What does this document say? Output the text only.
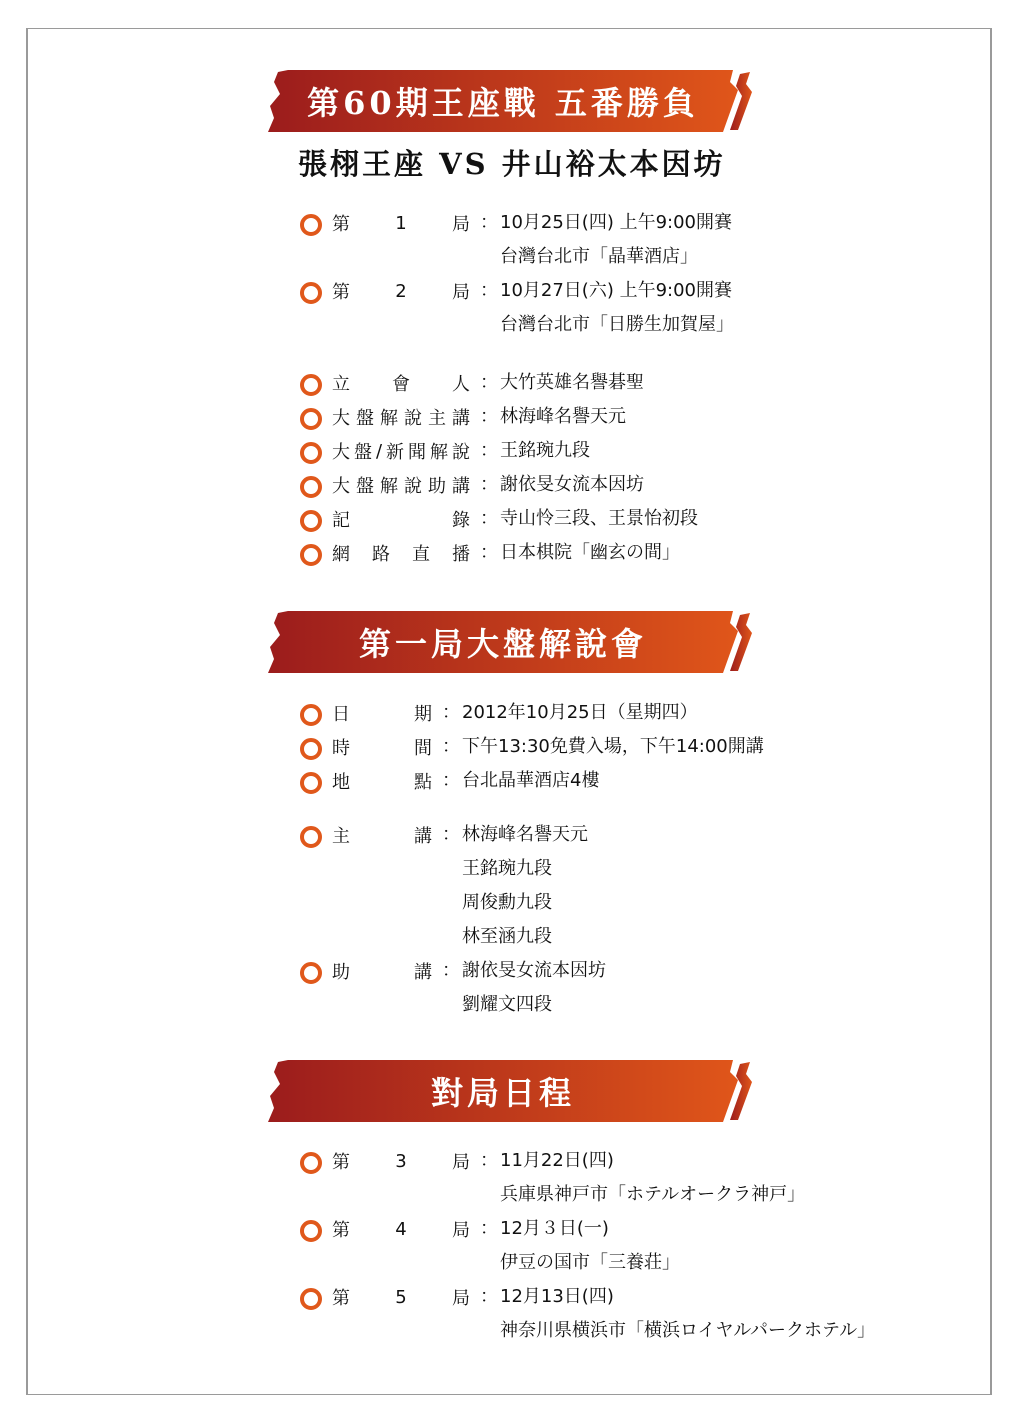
第60期王座戰 五番勝負
第一局大盤解說會
對局日程
張栩王座 VS 井山裕太本因坊
第	1	局 ： 10月25日(四) 上午9:00開賽
台灣台北市「晶華酒店」
第	2	局 ： 10月27日(六) 上午9:00開賽
台灣台北市「日勝生加賀屋」
立 會 人 ： 大竹英雄名譽碁聖
大 盤 解 說 主 講 ： 林海峰名譽天元
大 盤 / 新 聞 解 說 ： 王銘琬九段
大 盤 解 說 助 講 ： 謝依旻女流本因坊
記	錄 ： 寺山怜三段、王景怡初段
網 路 直 播 ： 日本棋院「幽玄の間」
日	期 ： 2012年10月25日（星期四）
時	間 ： 下午13:30免費入場，下午14:00開講
地	點 ： 台北晶華酒店4樓
主	講 ： 林海峰名譽天元
王銘琬九段
周俊勳九段
林至涵九段
助	講 ： 謝依旻女流本因坊
劉耀文四段
第	3	局 ： 11月22日(四)
兵庫県神戸市「ホテルオークラ神戸」
第	4	局 ： 12月３日(一)
伊豆の国市「三養荘」
第	5	局 ： 12月13日(四)
神奈川県横浜市「横浜ロイヤルパークホテル」
